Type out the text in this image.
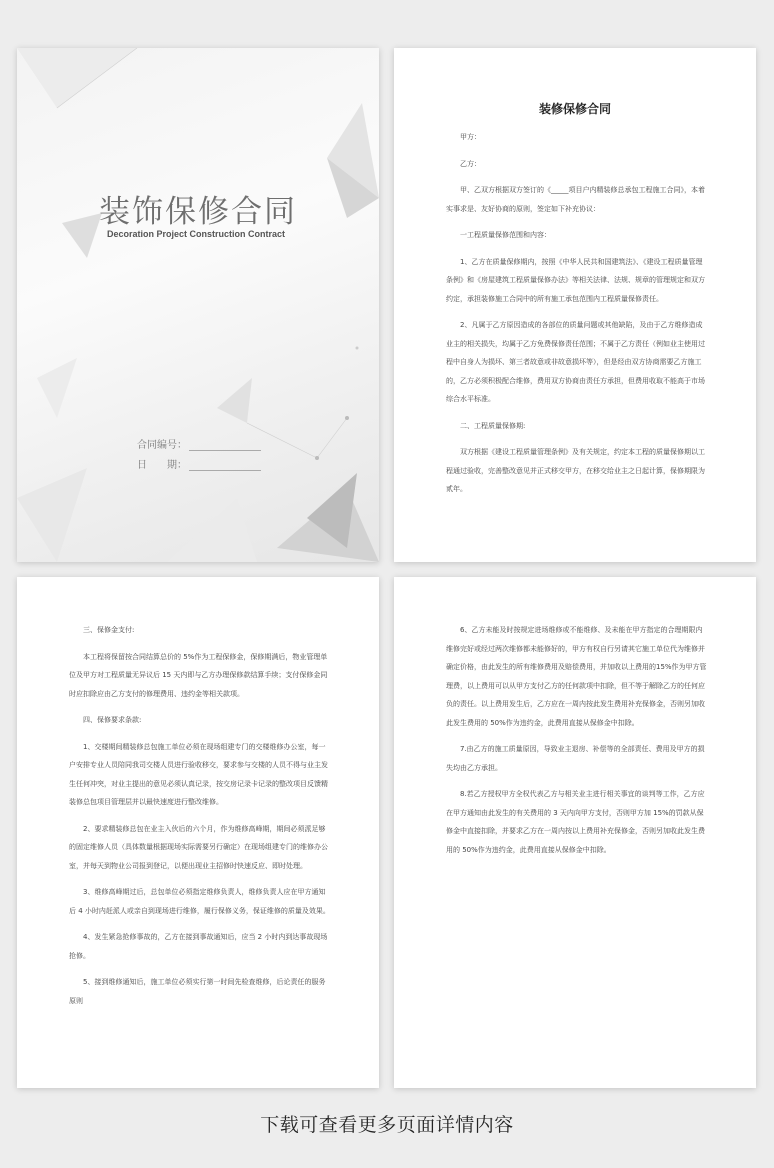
装饰保修合同
Decoration Project Construction Contract
合同编号：
日　　期：
装修保修合同

甲方：

乙方：

甲、乙双方根据双方签订的《_____项目户内精装修总承包工程施工合同》，本着实事求是、友好协商的原则，签定如下补充协议：

一工程质量保修范围和内容：

1、乙方在质量保修期内，按照《中华人民共和国建筑法》、《建设工程质量管理条例》和《房屋建筑工程质量保修办法》等相关法律、法规、规章的管理规定和双方约定，承担装修施工合同中的所有施工承包范围内工程质量保修责任。

2、凡属于乙方原因造成的各部位的质量问题或其他缺陷，及由于乙方维修造成业主的相关损失，均属于乙方免费保修责任范围；不属于乙方责任（例如业主使用过程中自身人为损坏、第三者故意或非故意损坏等），但是经由双方协商需要乙方施工的，乙方必须积极配合维修，费用双方协商由责任方承担，但费用收取不能高于市场综合水平标准。

二、工程质量保修期:

双方根据《建设工程质量管理条例》及有关规定，约定本工程的质量保修期以工程通过验收，完善整改意见并正式移交甲方，在移交给业主之日起计算，保修期限为贰年。

三、保修金支付:

本工程将保留按合同结算总价的 5%作为工程保修金，保修期满后，物业管理单位及甲方对工程质量无异议后 15 天内即与乙方办理保修款结算手续；支付保修金同时应扣除应由乙方支付的修理费用、违约金等相关款项。

四、保修要求条款:

1、交楼期间精装修总包施工单位必须在现场组建专门的交楼维修办公室，每一户安排专业人员陪同我司交楼人员进行验收移交，要求参与交楼的人员不得与业主发生任何冲突，对业主提出的意见必须认真记录，按交房记录卡记录的整改项目反馈精装修总包项目管理层并以最快速度进行整改维修。

2、要求精装修总包在业主入伙后的六个月，作为维修高峰期，期间必须派足够的固定维修人员（具体数量根据现场实际需要另行确定）在现场组建专门的维修办公室，并每天到物业公司报到登记，以便出现业主招修时快速反应、即时处理。

3、维修高峰期过后，总包单位必须指定维修负责人，维修负责人应在甲方通知后 4 小时内赶派人或亲自到现场进行维修，履行保修义务，保证维修的质量及效果。

4、发生紧急抢修事故的，乙方在接到事故通知后，应当 2 小时内到达事故现场抢修。

5、接到维修通知后，施工单位必须实行第一时间先检查维修，后论责任的服务原则

6、乙方未能及时按规定进场维修或不能维修、及未能在甲方指定的合理期限内维修完好或经过两次维修都未能修好的，甲方有权自行另请其它施工单位代为维修并确定价格，由此发生的所有维修费用及赔偿费用，并加收以上费用的15%作为甲方管理费，以上费用可以从甲方支付乙方的任何款项中扣除，但不等于解除乙方的任何应负的责任。以上费用发生后，乙方应在一周内按此发生费用补充保修金，否则另加收此发生费用的 50%作为违约金，此费用直接从保修金中扣除。

7.由乙方的施工质量原因，导致业主退房、补偿等的全部责任、费用及甲方的损失均由乙方承担。

8.若乙方授权甲方全权代表乙方与相关业主进行相关事宜的谈判等工作，乙方应在甲方通知由此发生的有关费用的 3 天内向甲方支付，否则甲方加 15%的罚款从保修金中直接扣除，并要求乙方在一周内按以上费用补充保修金，否则另加收此发生费用的 50%作为违约金，此费用直接从保修金中扣除。

下载可查看更多页面详情内容
